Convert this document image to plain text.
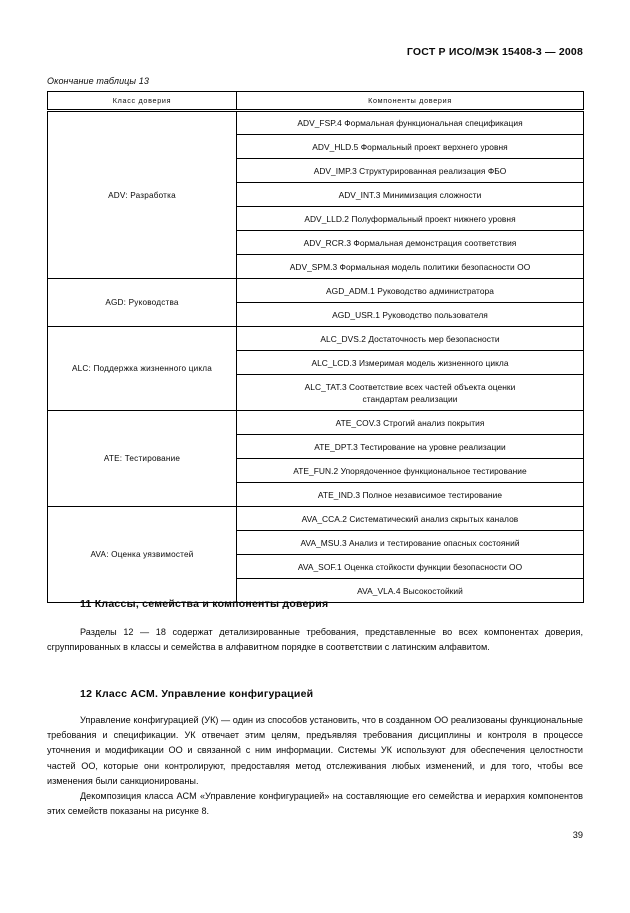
ГОСТ Р ИСО/МЭК 15408-3 — 2008
Окончание таблицы 13
Класс доверия	Компоненты доверия
ADV: Разработка	ADV_FSP.4 Формальная функциональная спецификация
	ADV_HLD.5 Формальный проект верхнего уровня
	ADV_IMP.3 Структурированная реализация ФБО
	ADV_INT.3 Минимизация сложности
	ADV_LLD.2 Полуформальный проект нижнего уровня
	ADV_RCR.3 Формальная демонстрация соответствия
	ADV_SPM.3 Формальная модель политики безопасности ОО
AGD: Руководства	AGD_ADM.1 Руководство администратора
	AGD_USR.1 Руководство пользователя
ALC: Поддержка жизненного цикла	ALC_DVS.2 Достаточность мер безопасности
	ALC_LCD.3 Измеримая модель жизненного цикла
	ALC_TAT.3 Соответствие всех частей объекта оценки стандартам реализации
ATE: Тестирование	ATE_COV.3 Строгий анализ покрытия
	ATE_DPT.3 Тестирование на уровне реализации
	ATE_FUN.2 Упорядоченное функциональное тестирование
	ATE_IND.3 Полное независимое тестирование
AVA: Оценка уязвимостей	AVA_CCA.2 Систематический анализ скрытых каналов
	AVA_MSU.3 Анализ и тестирование опасных состояний
	AVA_SOF.1 Оценка стойкости функции безопасности ОО
	AVA_VLA.4 Высокостойкий
11 Классы, семейства и компоненты доверия
Разделы 12 — 18 содержат детализированные требования, представленные во всех компонентах доверия, сгруппированных в классы и семейства в алфавитном порядке в соответствии с латинским алфавитом.
12 Класс ACM. Управление конфигурацией
Управление конфигурацией (УК) — один из способов установить, что в созданном ОО реализованы функциональные требования и спецификации. УК отвечает этим целям, предъявляя требования дисциплины и контроля в процессе уточнения и модификации ОО и связанной с ним информации. Системы УК используют для обеспечения целостности частей ОО, которые они контролируют, предоставляя метод отслеживания любых изменений, и для того, чтобы все изменения были санкционированы.
Декомпозиция класса ACM «Управление конфигурацией» на составляющие его семейства и иерархия компонентов этих семейств показаны на рисунке 8.
39
